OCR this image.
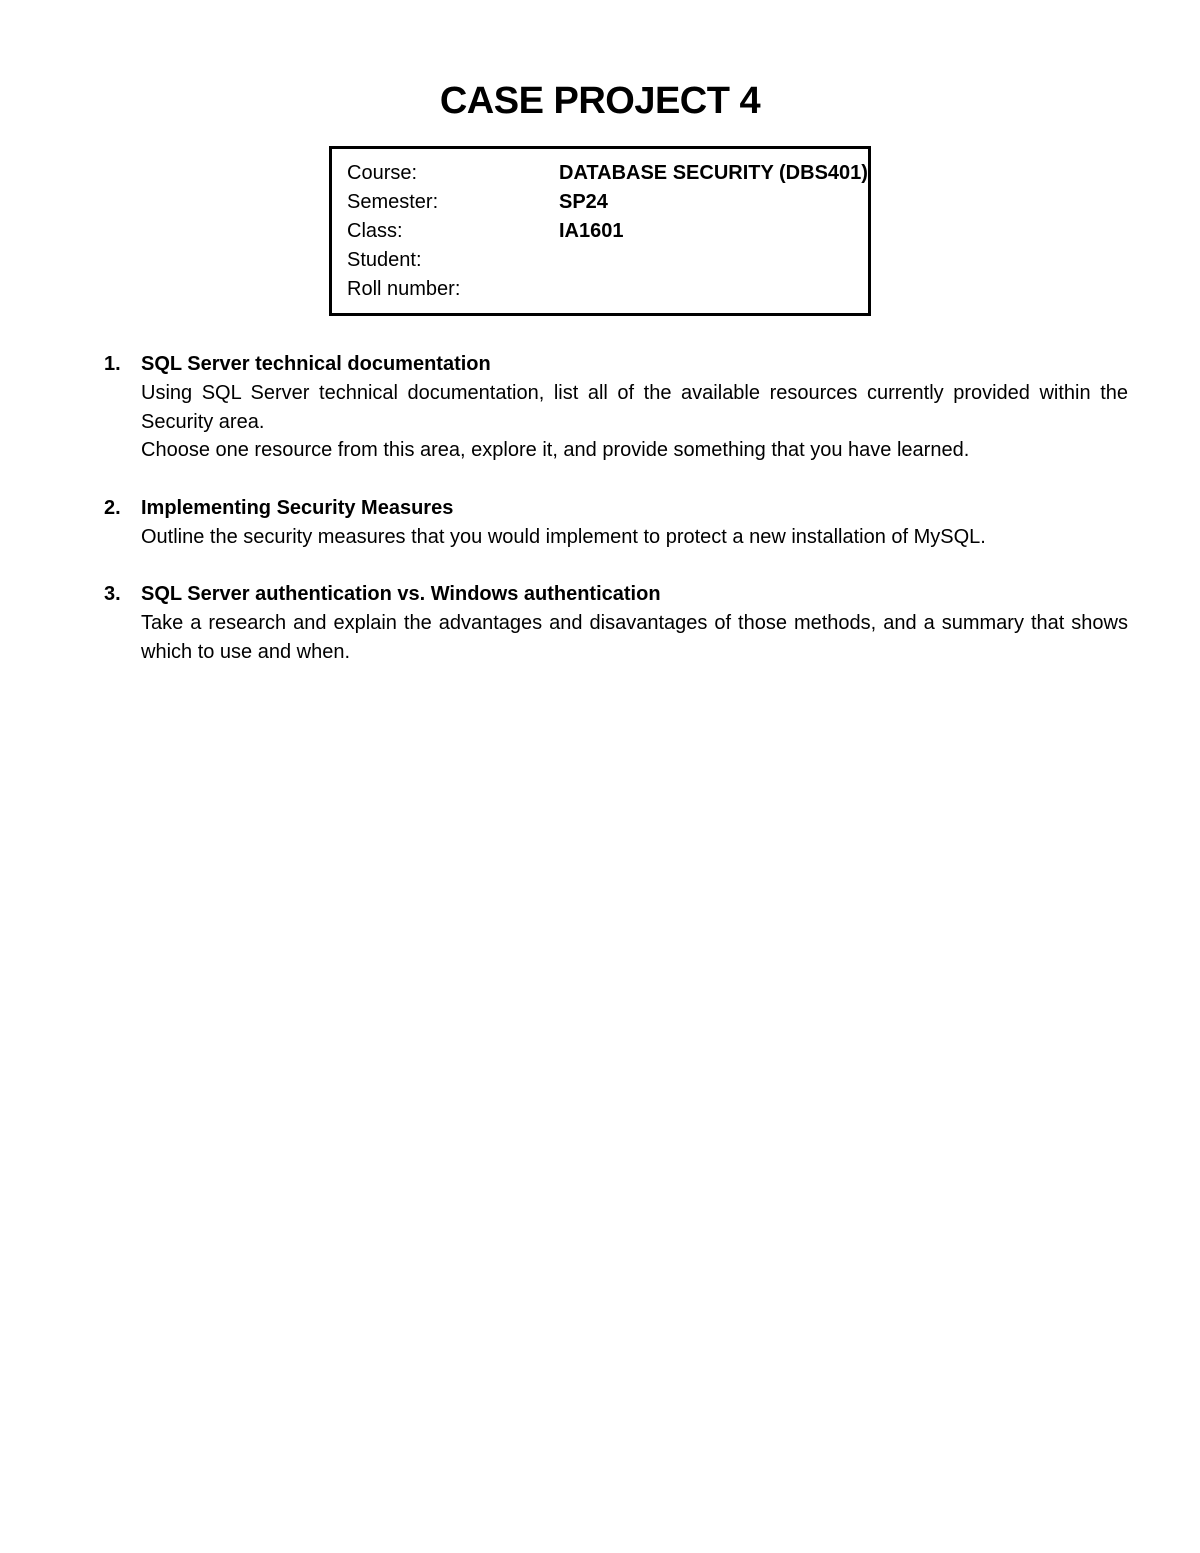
CASE PROJECT 4
Course:	DATABASE SECURITY (DBS401)
Semester:	SP24
Class:	IA1601
Student:
Roll number:
1. SQL Server technical documentation

Using SQL Server technical documentation, list all of the available resources currently provided within the Security area.

Choose one resource from this area, explore it, and provide something that you have learned.

2. Implementing Security Measures

Outline the security measures that you would implement to protect a new installation of MySQL.

3. SQL Server authentication vs. Windows authentication

Take a research and explain the advantages and disavantages of those methods, and a summary that shows which to use and when.
